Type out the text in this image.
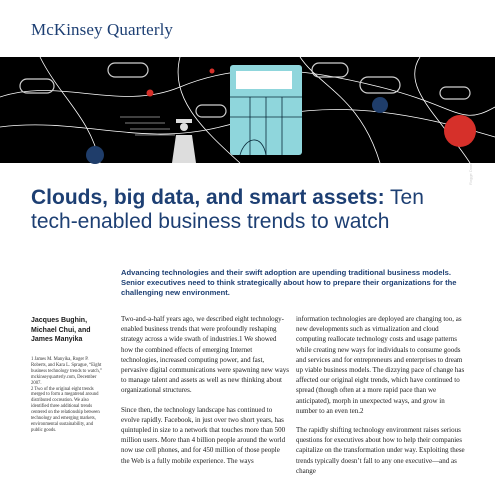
McKinsey Quarterly
Rogge Dow
Clouds, big data, and smart assets: Ten tech-enabled business trends to watch
Advancing technologies and their swift adoption are upending traditional business models. Senior executives need to think strategically about how to prepare their organizations for the challenging new environment.
Jacques Bughin,
Michael Chui, and
James Manyika

1 James M. Manyika, Roger P. Roberts, and Kara L. Sprague, “Eight business technology trends to watch,” mckinseyquarterly.com, December 2007.

2 Two of the original eight trends merged to form a megatrend around distributed cocreation. We also identified three additional trends centered on the relationship between technology and emerging markets, environmental sustainability, and public goods.

Two-and-a-half years ago, we described eight technology-enabled business trends that were profoundly reshaping strategy across a wide swath of industries.1 We showed how the combined effects of emerging Internet technologies, increased computing power, and fast, pervasive digital communications were spawning new ways to manage talent and assets as well as new thinking about organizational structures.

Since then, the technology landscape has continued to evolve rapidly. Facebook, in just over two short years, has quintupled in size to a network that touches more than 500 million users. More than 4 billion people around the world now use cell phones, and for 450 million of those people the Web is a fully mobile experience. The ways

information technologies are deployed are changing too, as new developments such as virtualization and cloud computing reallocate technology costs and usage patterns while creating new ways for individuals to consume goods and services and for entrepreneurs and enterprises to dream up viable business models. The dizzying pace of change has affected our original eight trends, which have continued to spread (though often at a more rapid pace than we anticipated), morph in unexpected ways, and grow in number to an even ten.2

The rapidly shifting technology environment raises serious questions for executives about how to help their companies capitalize on the transformation under way. Exploiting these trends typically doesn’t fall to any one executive—and as change
